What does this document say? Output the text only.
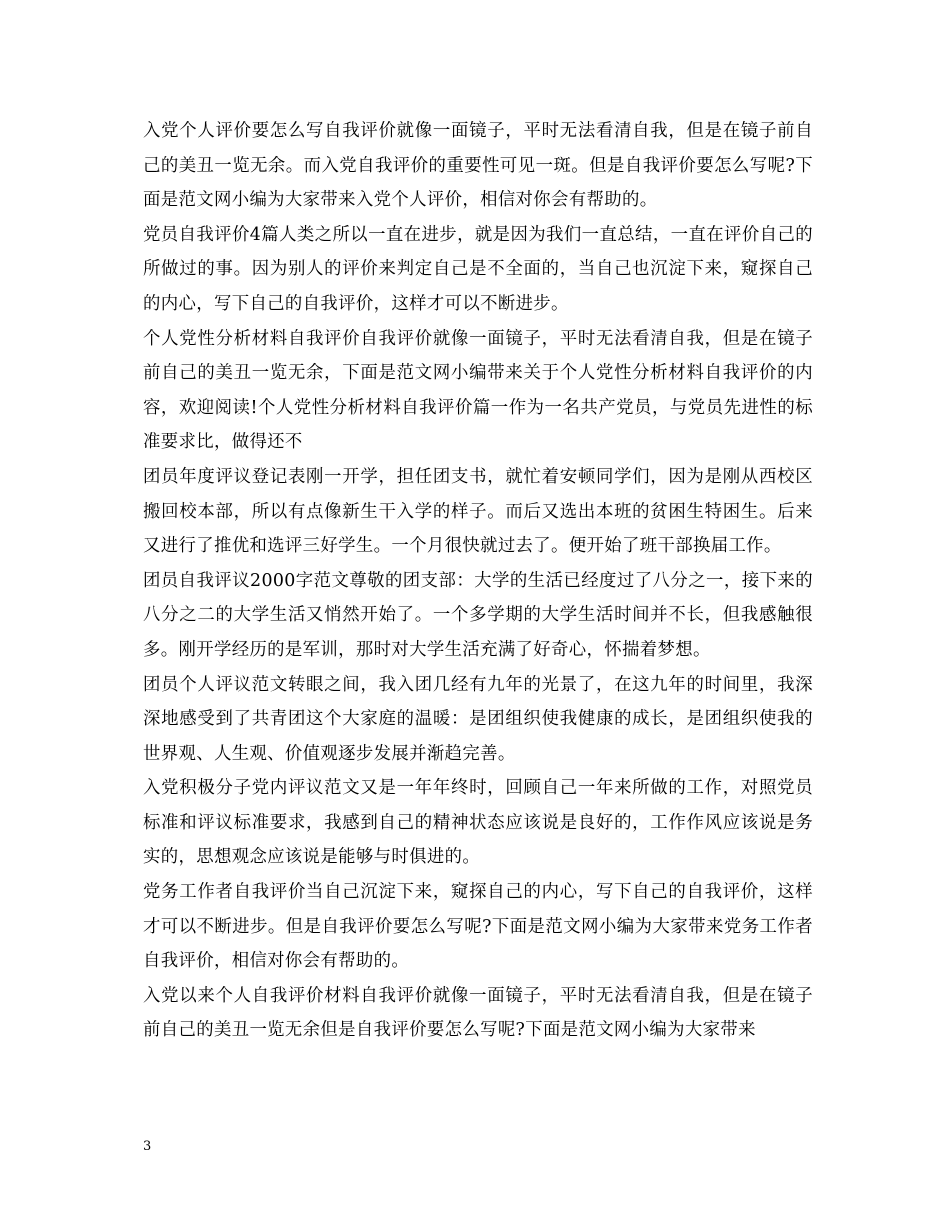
入党个人评价要怎么写自我评价就像一面镜子，平时无法看清自我，但是在镜子前自己的美丑一览无余。而入党自我评价的重要性可见一斑。但是自我评价要怎么写呢?下面是范文网小编为大家带来入党个人评价，相信对你会有帮助的。

党员自我评价4篇人类之所以一直在进步，就是因为我们一直总结，一直在评价自己的所做过的事。因为别人的评价来判定自己是不全面的，当自己也沉淀下来，窥探自己的内心，写下自己的自我评价，这样才可以不断进步。

个人党性分析材料自我评价自我评价就像一面镜子，平时无法看清自我，但是在镜子前自己的美丑一览无余，下面是范文网小编带来关于个人党性分析材料自我评价的内容，欢迎阅读!个人党性分析材料自我评价篇一作为一名共产党员，与党员先进性的标准要求比，做得还不

团员年度评议登记表刚一开学，担任团支书，就忙着安顿同学们，因为是刚从西校区搬回校本部，所以有点像新生干入学的样子。而后又选出本班的贫困生特困生。后来又进行了推优和选评三好学生。一个月很快就过去了。便开始了班干部换届工作。

团员自我评议2000字范文尊敬的团支部：大学的生活已经度过了八分之一，接下来的八分之二的大学生活又悄然开始了。一个多学期的大学生活时间并不长，但我感触很多。刚开学经历的是军训，那时对大学生活充满了好奇心，怀揣着梦想。

团员个人评议范文转眼之间，我入团几经有九年的光景了，在这九年的时间里，我深深地感受到了共青团这个大家庭的温暖：是团组织使我健康的成长，是团组织使我的世界观、人生观、价值观逐步发展并渐趋完善。

入党积极分子党内评议范文又是一年年终时，回顾自己一年来所做的工作，对照党员标准和评议标准要求，我感到自己的精神状态应该说是良好的，工作作风应该说是务实的，思想观念应该说是能够与时俱进的。

党务工作者自我评价当自己沉淀下来，窥探自己的内心，写下自己的自我评价，这样才可以不断进步。但是自我评价要怎么写呢?下面是范文网小编为大家带来党务工作者自我评价，相信对你会有帮助的。

入党以来个人自我评价材料自我评价就像一面镜子，平时无法看清自我，但是在镜子前自己的美丑一览无余但是自我评价要怎么写呢?下面是范文网小编为大家带来

3
